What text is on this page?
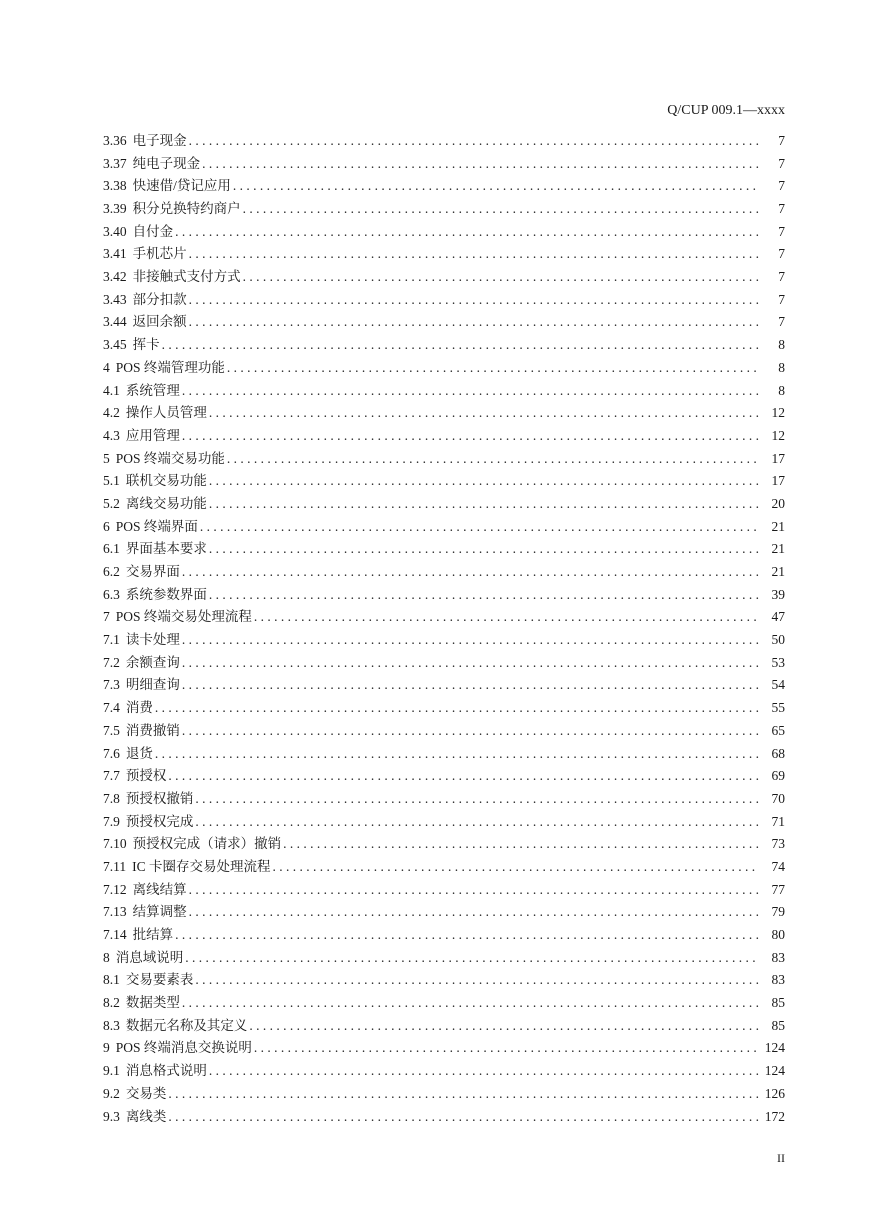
Q/CUP 009.1—xxxx
3.36 电子现金 . . .	7
3.37 纯电子现金 . . .	7
3.38 快速借/贷记应用 . . .	7
3.39 积分兑换特约商户 . . .	7
3.40 自付金 . . .	7
3.41 手机芯片 . . .	7
3.42 非接触式支付方式 . . .	7
3.43 部分扣款 . . .	7
3.44 返回余额 . . .	7
3.45 挥卡 . . .	8
4 POS 终端管理功能 . . .	8
4.1 系统管理 . . .	8
4.2 操作人员管理 . . .	12
4.3 应用管理 . . .	12
5 POS 终端交易功能 . . .	17
5.1 联机交易功能 . . .	17
5.2 离线交易功能 . . .	20
6 POS 终端界面 . . .	21
6.1 界面基本要求 . . .	21
6.2 交易界面 . . .	21
6.3 系统参数界面 . . .	39
7 POS 终端交易处理流程 . . .	47
7.1 读卡处理 . . .	50
7.2 余额查询 . . .	53
7.3 明细查询 . . .	54
7.4 消费 . . .	55
7.5 消费撤销 . . .	65
7.6 退货 . . .	68
7.7 预授权 . . .	69
7.8 预授权撤销 . . .	70
7.9 预授权完成 . . .	71
7.10 预授权完成（请求）撤销 . . .	73
7.11 IC 卡圈存交易处理流程 . . .	74
7.12 离线结算 . . .	77
7.13 结算调整 . . .	79
7.14 批结算 . . .	80
8 消息域说明 . . .	83
8.1 交易要素表 . . .	83
8.2 数据类型 . . .	85
8.3 数据元名称及其定义 . . .	85
9 POS 终端消息交换说明 . . .	124
9.1 消息格式说明 . . .	124
9.2 交易类 . . .	126
9.3 离线类 . . .	172
II
